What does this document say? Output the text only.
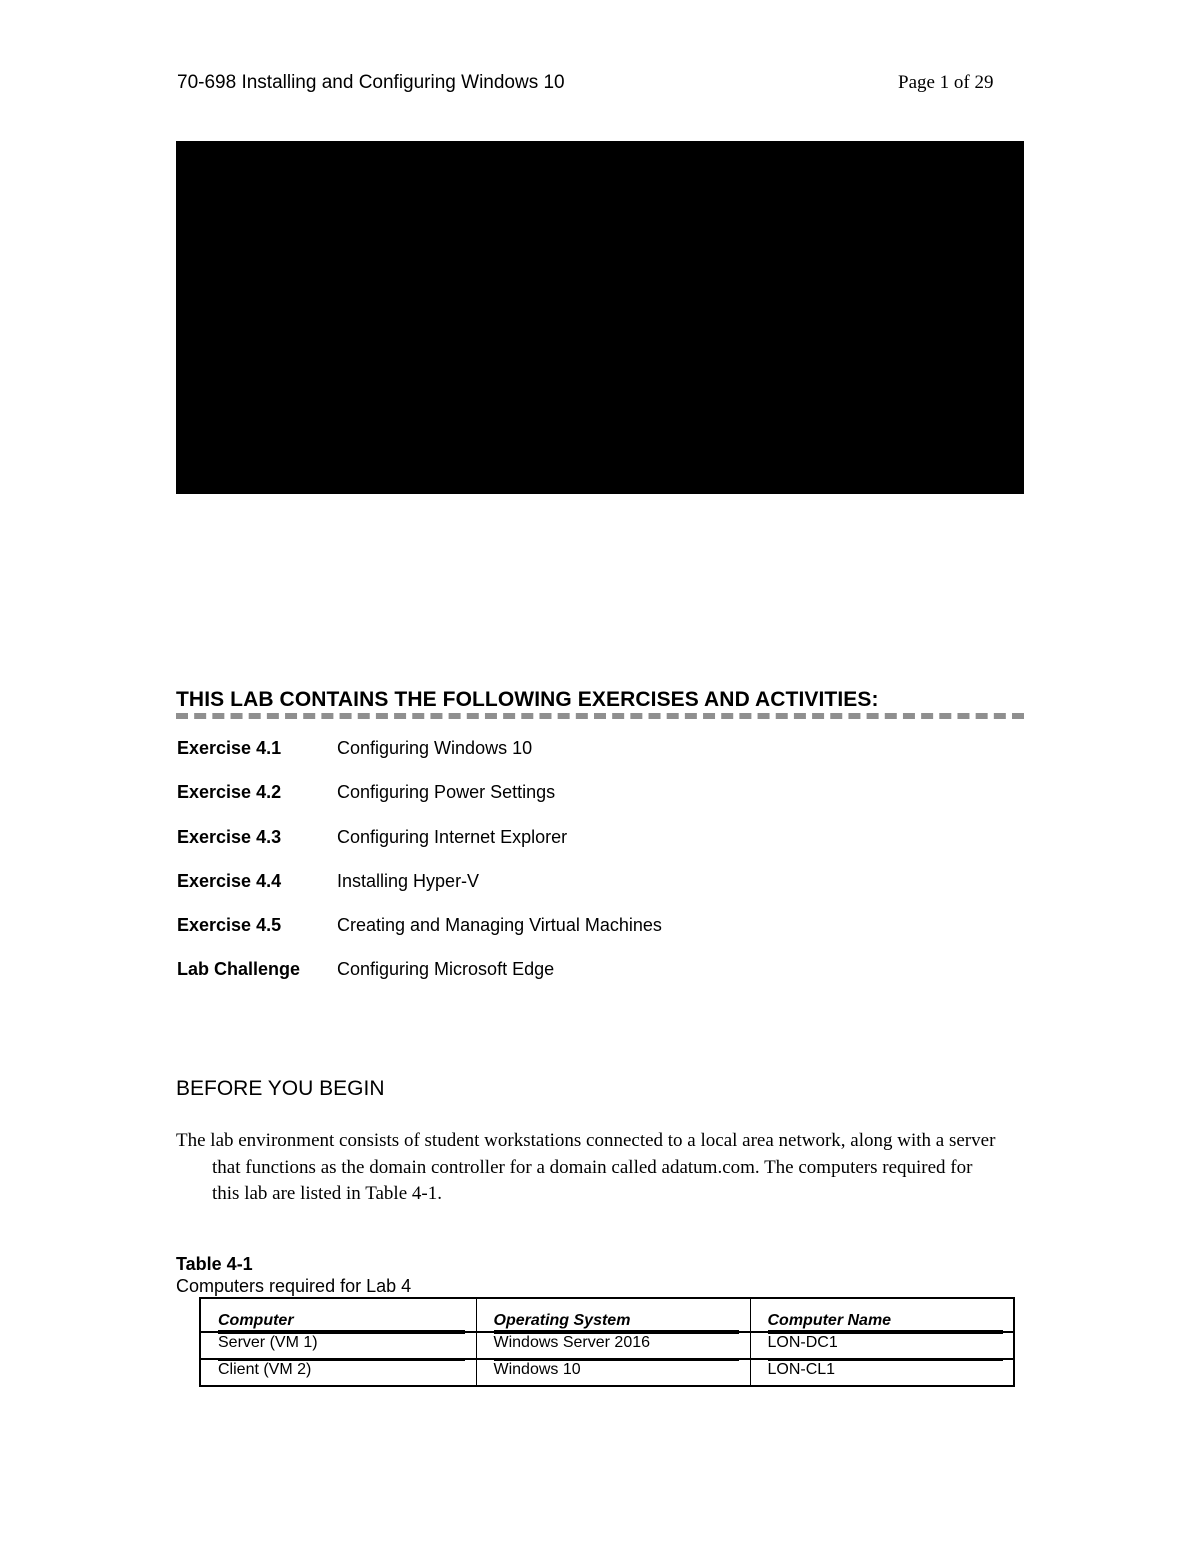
70-698 Installing and Configuring Windows 10	Page 1 of 29
THIS LAB CONTAINS THE FOLLOWING EXERCISES AND ACTIVITIES:
Exercise 4.1	Configuring Windows 10
Exercise 4.2	Configuring Power Settings
Exercise 4.3	Configuring Internet Explorer
Exercise 4.4	Installing Hyper-V
Exercise 4.5	Creating and Managing Virtual Machines
Lab Challenge	Configuring Microsoft Edge
BEFORE YOU BEGIN

The lab environment consists of student workstations connected to a local area network, along with a server that functions as the domain controller for a domain called adatum.com. The computers required for this lab are listed in Table 4-1.

Table 4-1
Computers required for Lab 4
Computer	Operating System	Computer Name
Server (VM 1)	Windows Server 2016	LON-DC1
Client (VM 2)	Windows 10	LON-CL1
